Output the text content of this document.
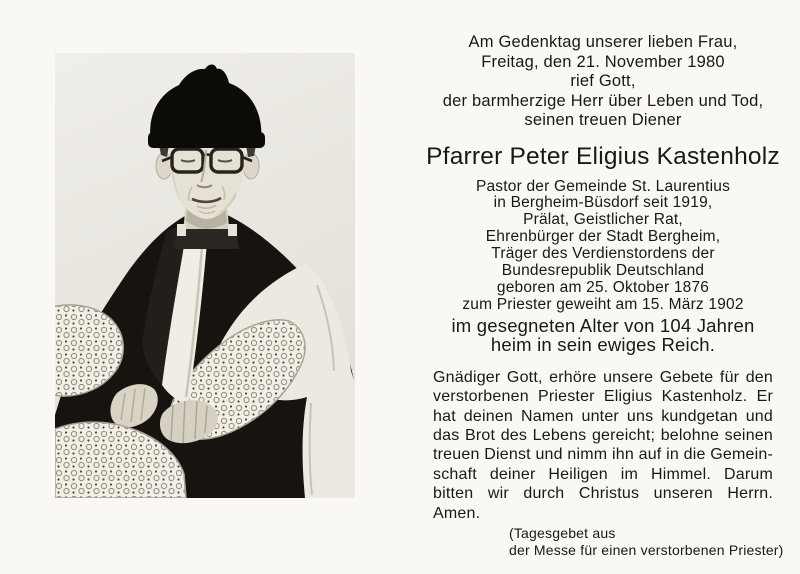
Am Gedenktag unserer lieben Frau,
Freitag, den 21. November 1980
rief Gott,
der barmherzige Herr über Leben und Tod,
seinen treuen Diener
Pfarrer Peter Eligius Kastenholz
Pastor der Gemeinde St. Laurentius
in Bergheim-Büsdorf seit 1919,
Prälat, Geistlicher Rat,
Ehrenbürger der Stadt Bergheim,
Träger des Verdienstordens der
Bundesrepublik Deutschland
geboren am 25. Oktober 1876
zum Priester geweiht am 15. März 1902
im gesegneten Alter von 104 Jahren
heim in sein ewiges Reich.
Gnädiger Gott, erhöre unsere Gebete für den
verstorbenen Priester Eligius Kastenholz. Er
hat deinen Namen unter uns kundgetan und
das Brot des Lebens gereicht; belohne seinen
treuen Dienst und nimm ihn auf in die Gemein-
schaft deiner Heiligen im Himmel. Darum
bitten wir durch Christus unseren Herrn. Amen.
(Tagesgebet aus
der Messe für einen verstorbenen Priester)
